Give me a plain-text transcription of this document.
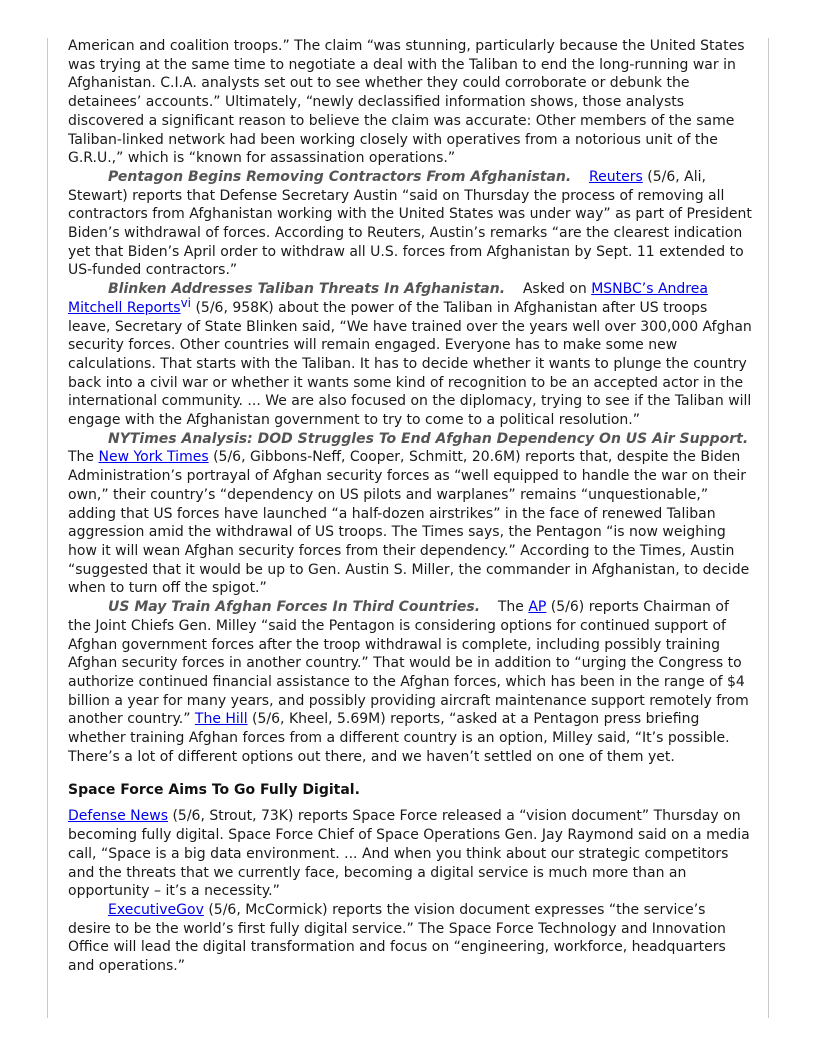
American and coalition troops.” The claim “was stunning, particularly because the United States was trying at the same time to negotiate a deal with the Taliban to end the long-running war in Afghanistan. C.I.A. analysts set out to see whether they could corroborate or debunk the detainees’ accounts.” Ultimately, “newly declassified information shows, those analysts discovered a significant reason to believe the claim was accurate: Other members of the same Taliban-linked network had been working closely with operatives from a notorious unit of the G.R.U.,” which is “known for assassination operations.”

Pentagon Begins Removing Contractors From Afghanistan. Reuters (5/6, Ali, Stewart) reports that Defense Secretary Austin “said on Thursday the process of removing all contractors from Afghanistan working with the United States was under way” as part of President Biden’s withdrawal of forces. According to Reuters, Austin’s remarks “are the clearest indication yet that Biden’s April order to withdraw all U.S. forces from Afghanistan by Sept. 11 extended to US-funded contractors.”

Blinken Addresses Taliban Threats In Afghanistan. Asked on MSNBC’s Andrea Mitchell Reports$^{vi}$ (5/6, 958K) about the power of the Taliban in Afghanistan after US troops leave, Secretary of State Blinken said, “We have trained over the years well over 300,000 Afghan security forces. Other countries will remain engaged. Everyone has to make some new calculations. That starts with the Taliban. It has to decide whether it wants to plunge the country back into a civil war or whether it wants some kind of recognition to be an accepted actor in the international community. ... We are also focused on the diplomacy, trying to see if the Taliban will engage with the Afghanistan government to try to come to a political resolution.”

NYTimes Analysis: DOD Struggles To End Afghan Dependency On US Air Support. The New York Times (5/6, Gibbons-Neff, Cooper, Schmitt, 20.6M) reports that, despite the Biden Administration’s portrayal of Afghan security forces as “well equipped to handle the war on their own,” their country’s “dependency on US pilots and warplanes” remains “unquestionable,” adding that US forces have launched “a half-dozen airstrikes” in the face of renewed Taliban aggression amid the withdrawal of US troops. The Times says, the Pentagon “is now weighing how it will wean Afghan security forces from their dependency.” According to the Times, Austin “suggested that it would be up to Gen. Austin S. Miller, the commander in Afghanistan, to decide when to turn off the spigot.”

US May Train Afghan Forces In Third Countries. The AP (5/6) reports Chairman of the Joint Chiefs Gen. Milley “said the Pentagon is considering options for continued support of Afghan government forces after the troop withdrawal is complete, including possibly training Afghan security forces in another country.” That would be in addition to “urging the Congress to authorize continued financial assistance to the Afghan forces, which has been in the range of $4 billion a year for many years, and possibly providing aircraft maintenance support remotely from another country.” The Hill (5/6, Kheel, 5.69M) reports, “asked at a Pentagon press briefing whether training Afghan forces from a different country is an option, Milley said, “It’s possible. There’s a lot of different options out there, and we haven’t settled on one of them yet.

Space Force Aims To Go Fully Digital.

Defense News (5/6, Strout, 73K) reports Space Force released a “vision document” Thursday on becoming fully digital. Space Force Chief of Space Operations Gen. Jay Raymond said on a media call, “Space is a big data environment. ... And when you think about our strategic competitors and the threats that we currently face, becoming a digital service is much more than an opportunity – it’s a necessity.”

ExecutiveGov (5/6, McCormick) reports the vision document expresses “the service’s desire to be the world’s first fully digital service.” The Space Force Technology and Innovation Office will lead the digital transformation and focus on “engineering, workforce, headquarters and operations.”
